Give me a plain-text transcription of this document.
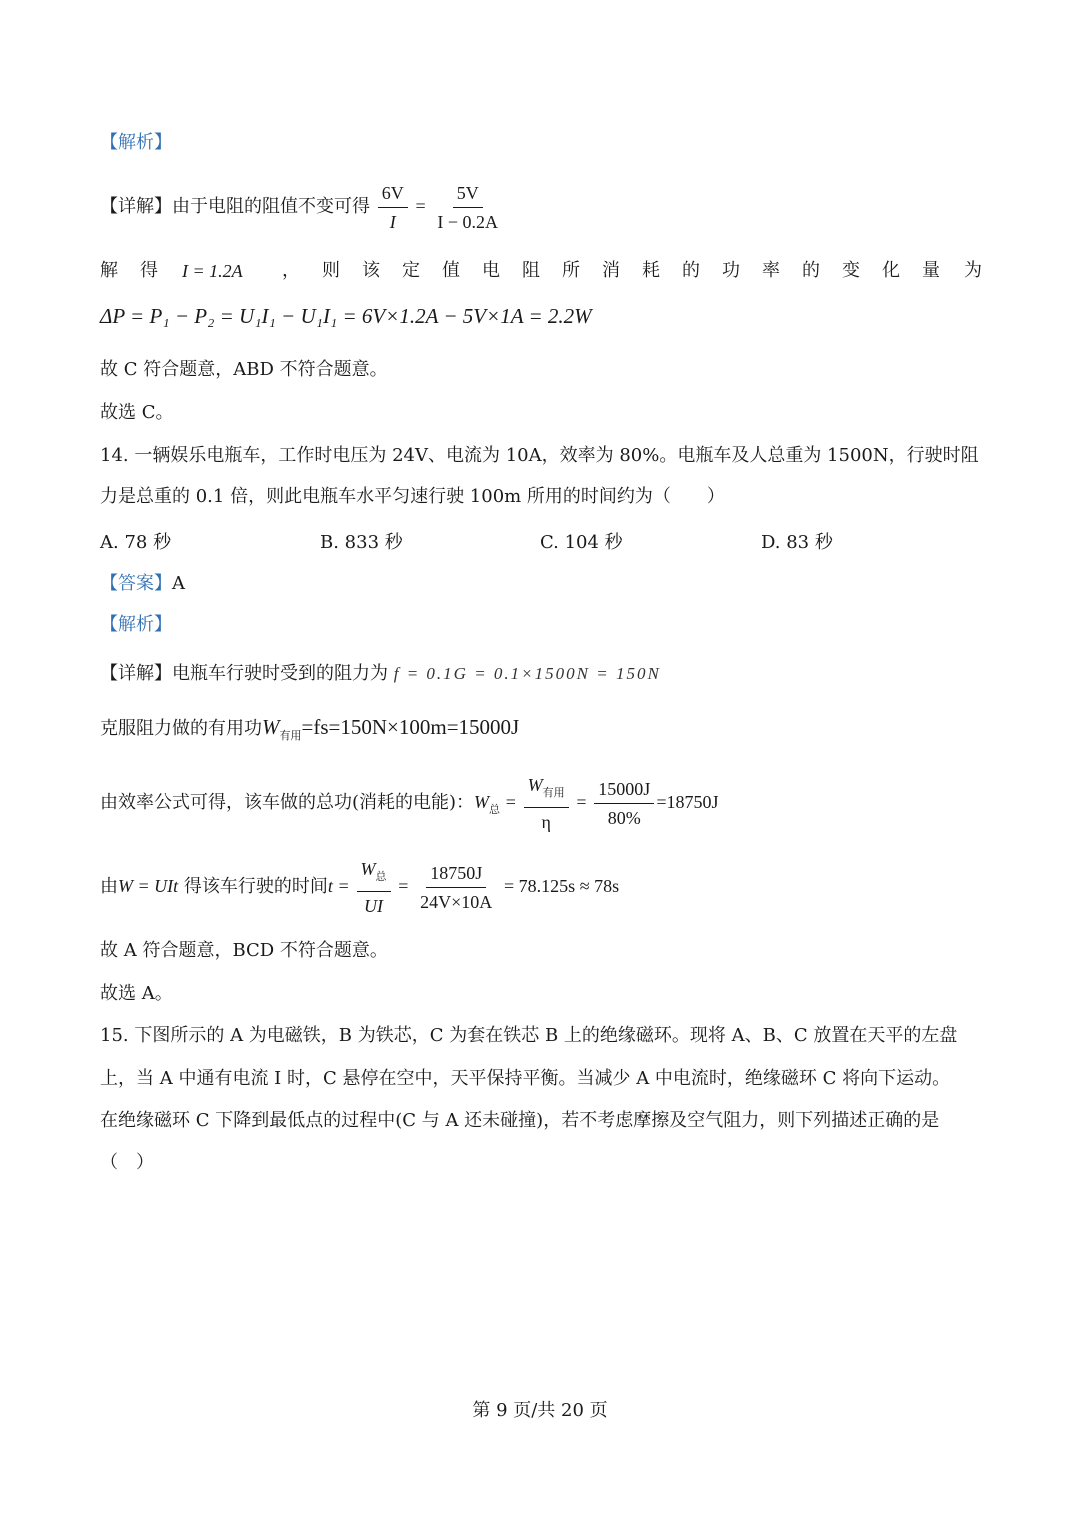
【解析】
【详解】由于电阻的阻值不变可得 $\frac{6V}{I} = \frac{5V}{I - 0.2A}$
解 得 I = 1.2A ， 则 该 定 值 电 阻 所 消 耗 的 功 率 的 变 化 量 为
ΔP = P₁ − P₂ = U₁I₁ − U₁I₁ = 6V×1.2A − 5V×1A = 2.2W
故 C 符合题意，ABD 不符合题意。
故选 C。
14. 一辆娱乐电瓶车，工作时电压为 24V、电流为 10A，效率为 80%。电瓶车及人总重为 1500N，行驶时阻
力是总重的 0.1 倍，则此电瓶车水平匀速行驶 100m 所用的时间约为（　　）
A. 78 秒	B. 833 秒	C. 104 秒	D. 83 秒
【答案】A
【解析】
【详解】电瓶车行驶时受到的阻力为 f = 0.1G = 0.1×1500N = 150N
克服阻力做的有用功$W_{有用}=fs=150N\times 100m=15000J$
由效率公式可得，该车做的总功(消耗的电能)：$W_总 = \frac{W_{有用}}{\eta} = \frac{15000J}{80\%} =18750J$
由W = UIt 得该车行驶的时间$t = \frac{W_总}{UI} = \frac{18750J}{24V\times 10A} = 78.125s \approx 78s$
故 A 符合题意，BCD 不符合题意。
故选 A。
15. 下图所示的 A 为电磁铁，B 为铁芯，C 为套在铁芯 B 上的绝缘磁环。现将 A、B、C 放置在天平的左盘
上，当 A 中通有电流 I 时，C 悬停在空中，天平保持平衡。当减少 A 中电流时，绝缘磁环 C 将向下运动。
在绝缘磁环 C 下降到最低点的过程中(C 与 A 还未碰撞)，若不考虑摩擦及空气阻力，则下列描述正确的是
（　）
第 9 页/共 20 页
